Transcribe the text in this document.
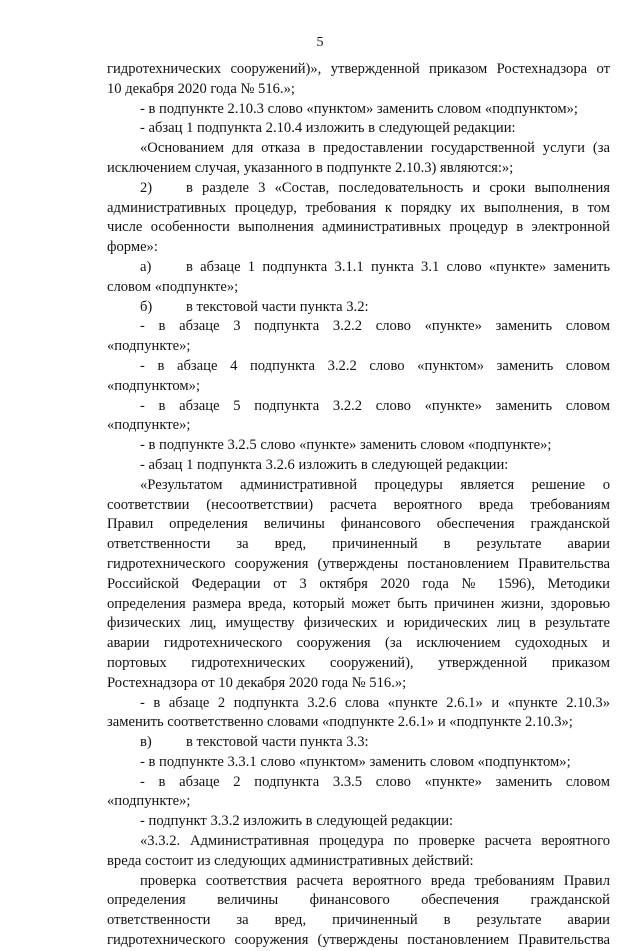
5
гидротехнических сооружений)», утвержденной приказом Ростехнадзора от
10 декабря 2020 года № 516.»;
- в подпункте 2.10.3 слово «пунктом» заменить словом «подпунктом»;
- абзац 1 подпункта 2.10.4 изложить в следующей редакции:
«Основанием для отказа в предоставлении государственной услуги (за
исключением случая, указанного в подпункте 2.10.3) являются:»;
2)	в разделе 3 «Состав, последовательность и сроки выполнения
административных процедур, требования к порядку их выполнения, в том
числе особенности выполнения административных процедур в электронной
форме»:
а)	в абзаце 1 подпункта 3.1.1 пункта 3.1 слово «пункте» заменить
словом «подпункте»;
б)	в текстовой части пункта 3.2:
- в абзаце 3 подпункта 3.2.2 слово «пункте» заменить словом
«подпункте»;
- в абзаце 4 подпункта 3.2.2 слово «пунктом» заменить словом
«подпунктом»;
- в абзаце 5 подпункта 3.2.2 слово «пункте» заменить словом
«подпункте»;
- в подпункте 3.2.5 слово «пункте» заменить словом «подпункте»;
- абзац 1 подпункта 3.2.6 изложить в следующей редакции:
«Результатом административной процедуры является решение о
соответствии (несоответствии) расчета вероятного вреда требованиям
Правил определения величины финансового обеспечения гражданской
ответственности за вред, причиненный в результате аварии
гидротехнического сооружения (утверждены постановлением Правительства
Российской Федерации от 3 октября 2020 года № 1596), Методики
определения размера вреда, который может быть причинен жизни, здоровью
физических лиц, имуществу физических и юридических лиц в результате
аварии гидротехнического сооружения (за исключением судоходных и
портовых гидротехнических сооружений), утвержденной приказом
Ростехнадзора от 10 декабря 2020 года № 516.»;
- в абзаце 2 подпункта 3.2.6 слова «пункте 2.6.1» и «пункте 2.10.3»
заменить соответственно словами «подпункте 2.6.1» и «подпункте 2.10.3»;
в)	в текстовой части пункта 3.3:
- в подпункте 3.3.1 слово «пунктом» заменить словом «подпунктом»;
- в абзаце 2 подпункта 3.3.5 слово «пункте» заменить словом
«подпункте»;
- подпункт 3.3.2 изложить в следующей редакции:
«3.3.2. Административная процедура по проверке расчета вероятного
вреда состоит из следующих административных действий:
проверка соответствия расчета вероятного вреда требованиям Правил
определения величины финансового обеспечения гражданской
ответственности за вред, причиненный в результате аварии
гидротехнического сооружения (утверждены постановлением Правительства
